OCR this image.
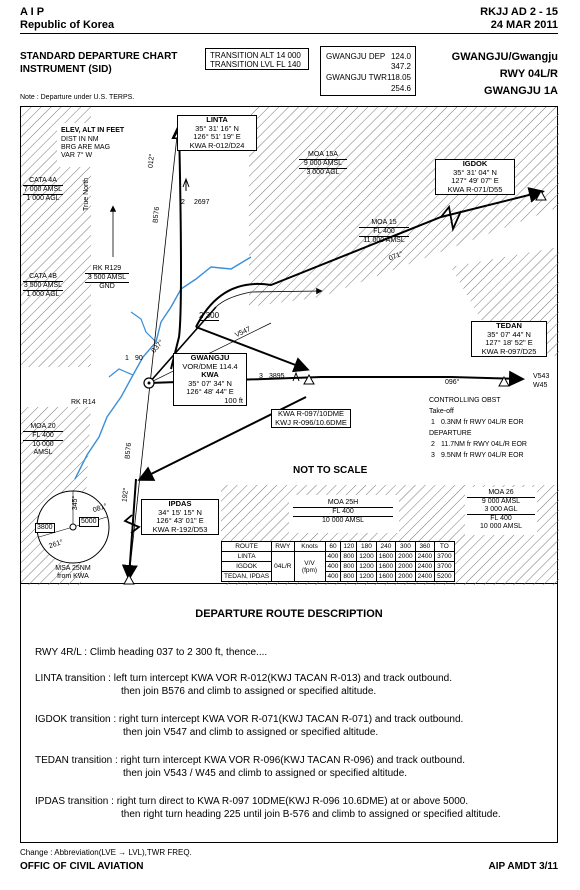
A I P
Republic of Korea
RKJJ AD 2 - 15
24 MAR 2011
STANDARD DEPARTURE CHART
INSTRUMENT (SID)
TRANSITION ALT 14 000
TRANSITION LVL FL 140
GWANGJU DEP 124.0
347.2
GWANGJU TWR 118.05
254.6
GWANGJU/Gwangju
RWY 04L/R
GWANGJU 1A
Note : Departure under U.S. TERPS.
ELEV, ALT IN FEET
DIST IN NM
BRG ARE MAG
VAR 7° W
True North
CATA 4A
7 000 AMSL
1 000 AGL
CATA 4B
3 500 AMSL
1 000 AGL
RK R129
3 500 AMSL
GND
RK R14
MOA 20
FL 400
10 000 AMSL
MOA 15A
9 000 AMSL
3 000 AGL
MOA 15
FL 400
11 000 AMSL
LINTA
35° 31' 16" N
126° 51' 19" E
KWA R-012/D24
IGDOK
35° 31' 04" N
127° 49' 07" E
KWA R-071/D55
TEDAN
35° 07' 44" N
127° 18' 52" E
KWA R-097/D25
IPDAS
34° 15' 15" N
126° 43' 01" E
KWA R-192/D53
GWANGJU
VOR/DME 114.4
KWA
35° 07' 34" N
126° 48' 44" E
100 ft
KWA R-097/10DME
KWJ R-096/10.6DME
2 300
2 2697
3 3895
1 90
CONTROLLING OBST
Take-off
1 0.3NM fr RWY 04L/R EOR
DEPARTURE
2 11.7NM fr RWY 04L/R EOR
3 9.5NM fr RWY 04L/R EOR
NOT TO SCALE
012°
037°
071°
096°
192°
B576
B576
V547
V543
W45
MOA 25H
FL 400
10 000 AMSL
MOA 26
9 000 AMSL
3 000 AGL
FL 400
10 000 AMSL
3800
5000
345° 081°
261°
MSA 25NM
from KWA
ROUTE	RWY	Knots	60	120	180	240	300	360	TO
LINTA	04L/R	V/V (fpm)	400	800	1200	1600	2000	2400	3700
IGDOK			400	800	1200	1600	2000	2400	3700
TEDAN, IPDAS			400	800	1200	1600	2000	2400	5200
DEPARTURE ROUTE DESCRIPTION

RWY 4R/L : Climb heading 037 to 2 300 ft, thence....

LINTA transition : left turn intercept KWA VOR R-012(KWJ TACAN R-013) and track outbound.

then join B576 and climb to assigned or specified altitude.

IGDOK transition : right turn intercept KWA VOR R-071(KWJ TACAN R-071) and track outbound.

then join V547 and climb to assigned or specified altitude.

TEDAN transition : right turn intercept KWA VOR R-096(KWJ TACAN R-096) and track outbound.

then join V543 / W45 and climb to assigned or specified altitude.

IPDAS transition : right turn direct to KWA R-097 10DME(KWJ R-096 10.6DME) at or above 5000.

then right turn heading 225 until join B-576 and climb to assigned or specified altitude.

Change : Abbreviation(LVE → LVL),TWR FREQ.
OFFIC OF CIVIL AVIATION	AIP AMDT 3/11
